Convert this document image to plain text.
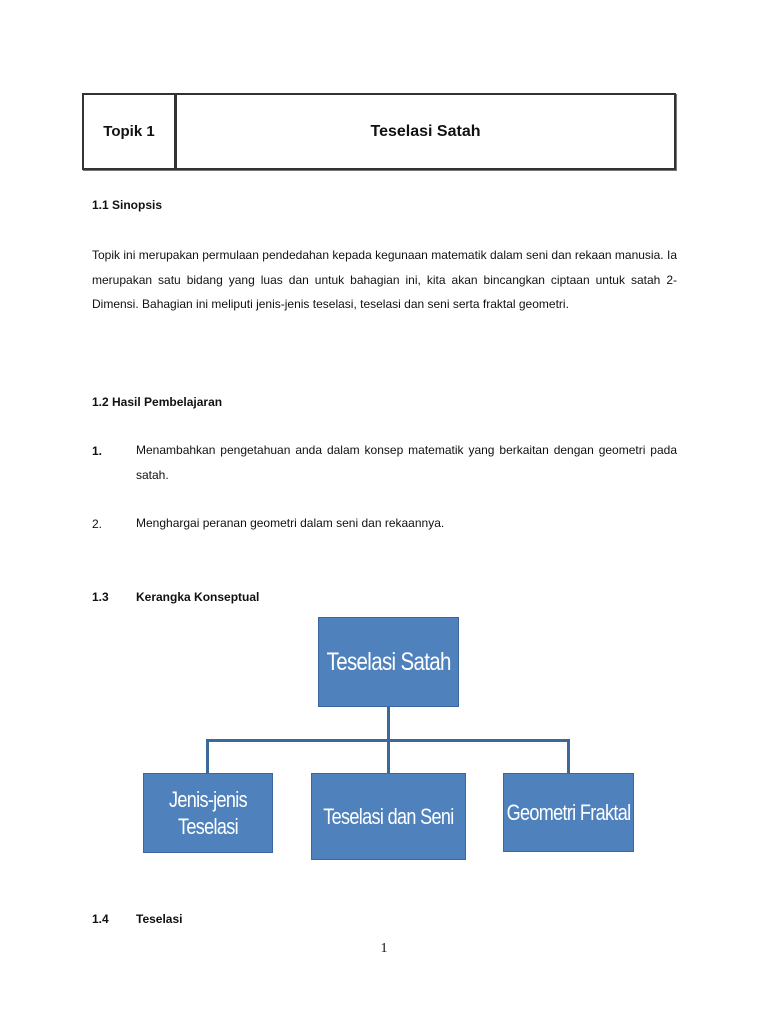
Topik 1	Teselasi Satah
1.1 Sinopsis

Topik ini merupakan permulaan pendedahan kepada kegunaan matematik dalam seni dan rekaan manusia. Ia merupakan satu bidang yang luas dan untuk bahagian ini, kita akan bincangkan ciptaan untuk satah 2-Dimensi. Bahagian ini meliputi jenis-jenis teselasi, teselasi dan seni serta fraktal geometri.

1.2 Hasil Pembelajaran
1.	Menambahkan pengetahuan anda dalam konsep matematik yang berkaitan dengan geometri pada satah.

2.	Menghargai peranan geometri dalam seni dan rekaannya.

1.3 Kerangka Konseptual
Teselasi Satah
Jenis-jenis Teselasi	Teselasi dan Seni Geometri Fraktal
1.4 Teselasi
1
